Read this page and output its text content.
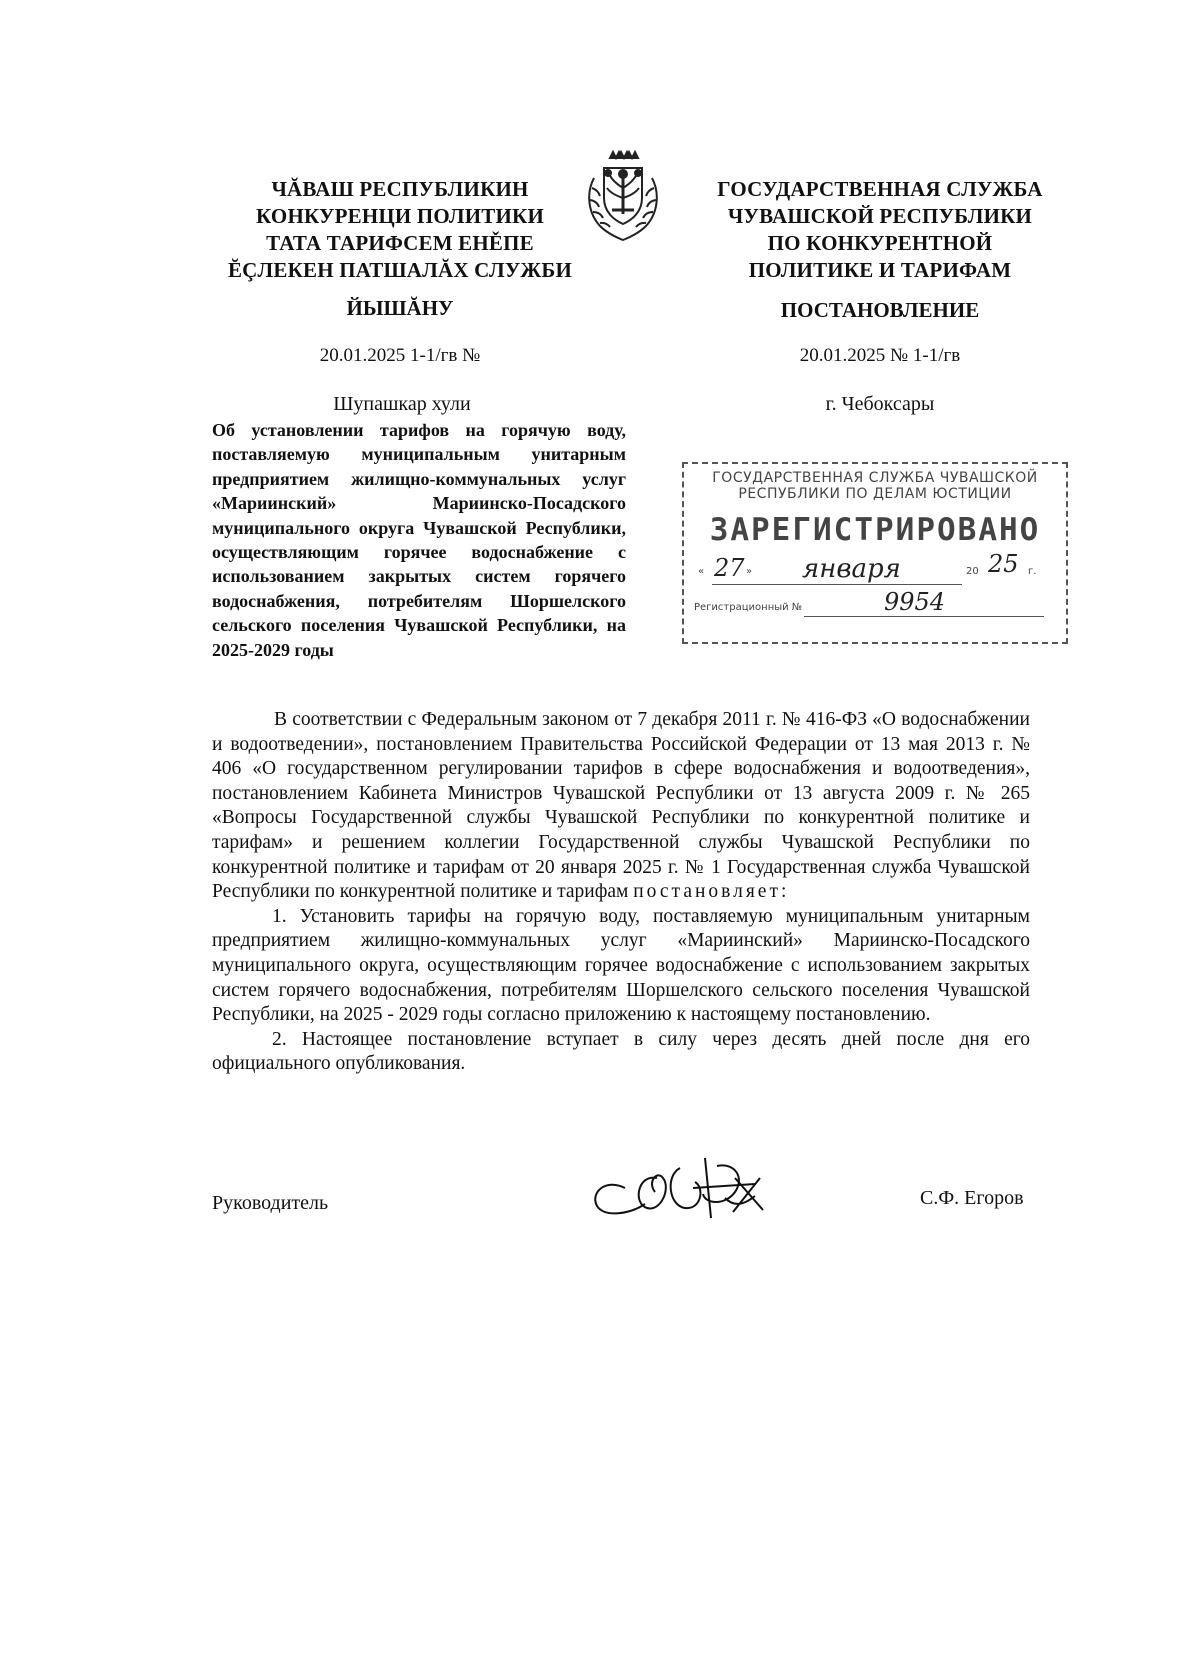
ЧĂВАШ РЕСПУБЛИКИН
КОНКУРЕНЦИ ПОЛИТИКИ
ТАТА ТАРИФСЕМ ЕНĚПЕ
ĔÇЛЕКЕН ПАТШАЛĂХ СЛУЖБИ
ЙЫШĂНУ
20.01.2025 1-1/гв №
Шупашкар хули
ГОСУДАРСТВЕННАЯ СЛУЖБА
ЧУВАШСКОЙ РЕСПУБЛИКИ
ПО КОНКУРЕНТНОЙ
ПОЛИТИКЕ И ТАРИФАМ
ПОСТАНОВЛЕНИЕ
20.01.2025 № 1-1/гв
г. Чебоксары
Об установлении тарифов на горячую воду, поставляемую муниципальным унитарным предприятием жилищно-коммунальных услуг «Мариинский» Мариинско-Посадского муниципального округа Чувашской Республики, осуществляющим горячее водоснабжение с использованием закрытых систем горячего водоснабжения, потребителям Шоршелского сельского поселения Чувашской Республики, на 2025-2029 годы
ГОСУДАРСТВЕННАЯ СЛУЖБА ЧУВАШСКОЙ
РЕСПУБЛИКИ ПО ДЕЛАМ ЮСТИЦИИ
ЗАРЕГИСТРИРОВАНО
« 27 » января	20 25 г.
Регистрационный №	9954

В соответствии с Федеральным законом от 7 декабря 2011 г. № 416-ФЗ «О водоснабжении и водоотведении», постановлением Правительства Российской Федерации от 13 мая 2013 г. № 406 «О государственном регулировании тарифов в сфере водоснабжения и водоотведения», постановлением Кабинета Министров Чувашской Республики от 13 августа 2009 г. № 265 «Вопросы Государственной службы Чувашской Республики по конкурентной политике и тарифам» и решением коллегии Государственной службы Чувашской Республики по конкурентной политике и тарифам от 20 января 2025 г. № 1 Государственная служба Чувашской Республики по конкурентной политике и тарифам постановляет:

1. Установить тарифы на горячую воду, поставляемую муниципальным унитарным предприятием жилищно-коммунальных услуг «Мариинский» Мариинско-Посадского муниципального округа, осуществляющим горячее водоснабжение с использованием закрытых систем горячего водоснабжения, потребителям Шоршелского сельского поселения Чувашской Республики, на 2025 - 2029 годы согласно приложению к настоящему постановлению.

2. Настоящее постановление вступает в силу через десять дней после дня его официального опубликования.

Руководитель	С.Ф. Егоров
